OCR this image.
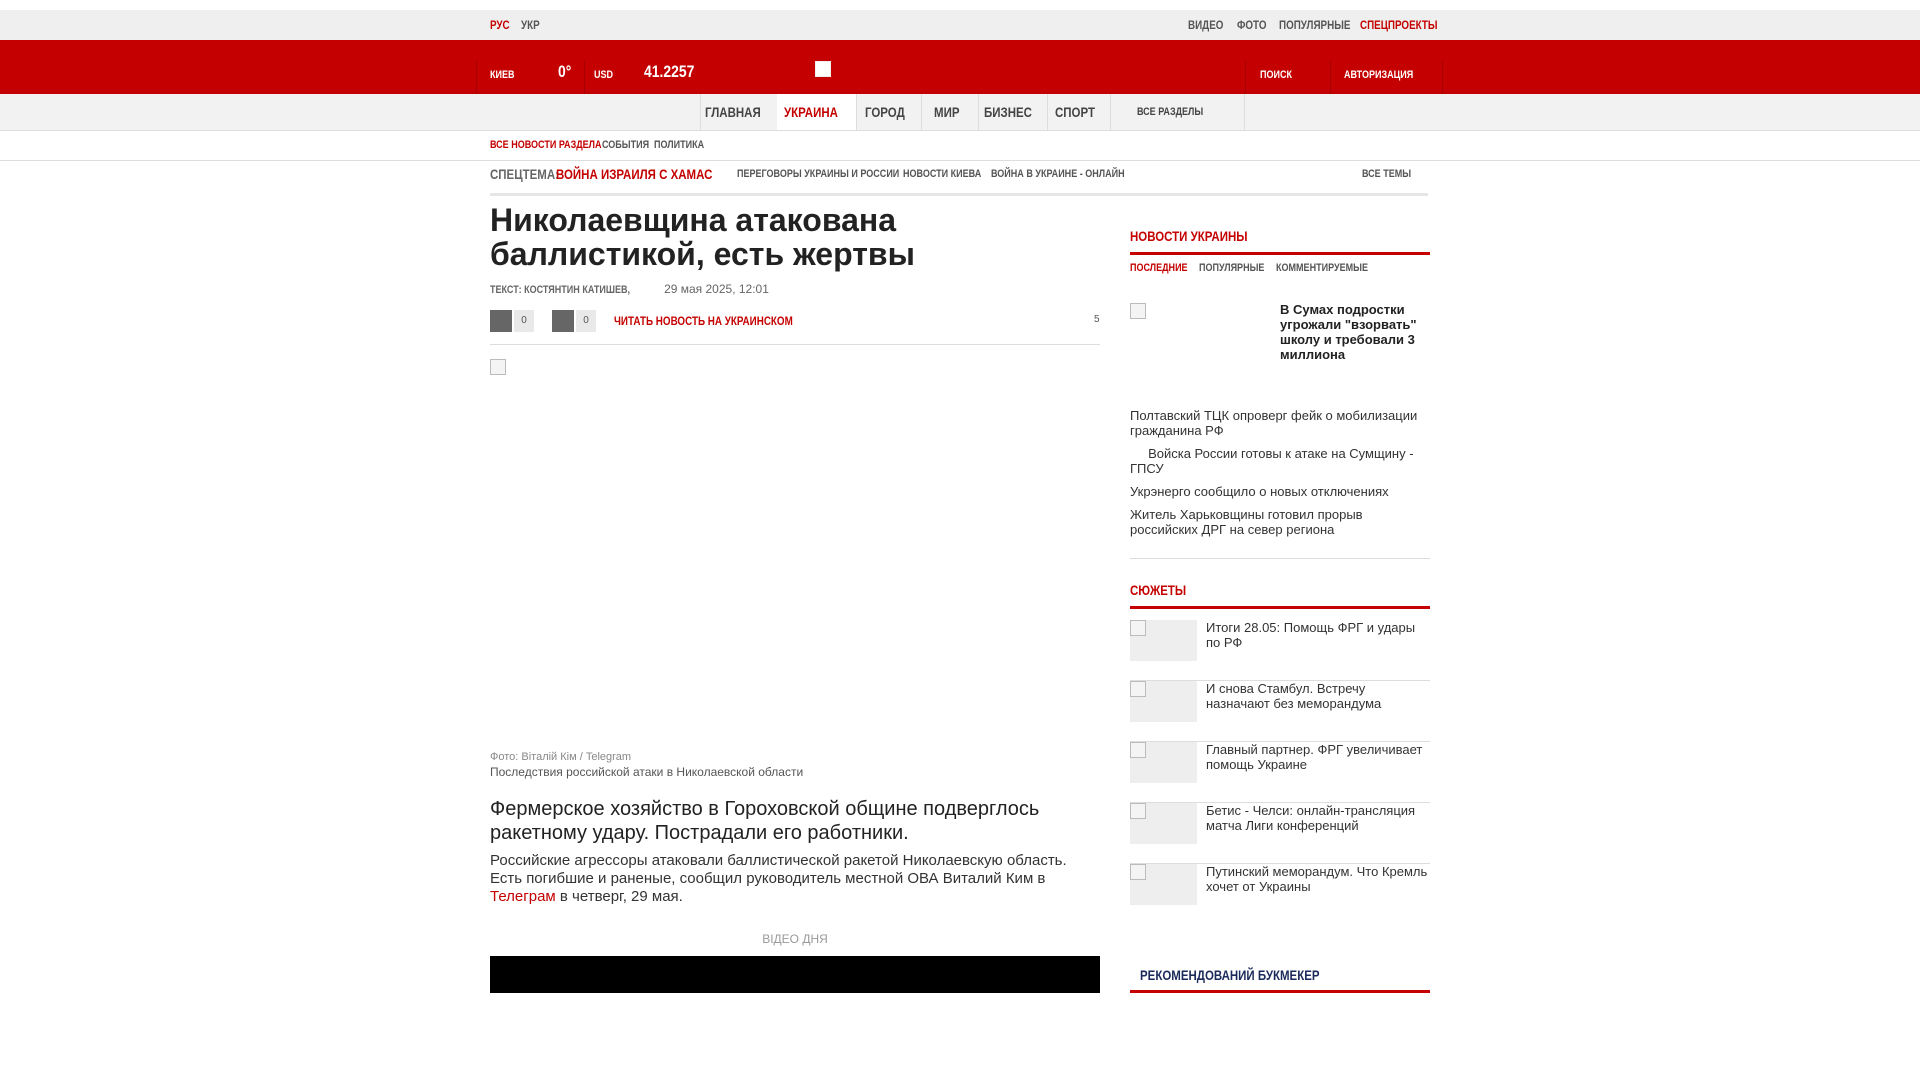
РУС УКР	ВИДЕО ФОТО ПОПУЛЯРНЫЕ СПЕЦПРОЕКТЫ
КИЕВ	0° USD 41.2257	ПОИСК	АВТОРИЗАЦИЯ
ГЛАВНАЯ	УКРАИНА	ГОРОД	МИР	БИЗНЕС	СПОРТ	ВСЕ РАЗДЕЛЫ
ВСЕ НОВОСТИ РАЗДЕЛА СОБЫТИЯ ПОЛИТИКА
СПЕЦТЕМА:
ВОЙНА ИЗРАИЛЯ С ХАМАС ПЕРЕГОВОРЫ УКРАИНЫ И РОССИИ НОВОСТИ КИЕВА ВОЙНА В УКРАИНЕ - ОНЛАЙН	ВСЕ ТЕМЫ
Николаевщина атакована баллистикой, есть жертвы
ТЕКСТ: КОСТЯНТИН КАТИШЕВ,	29 мая 2025, 12:01
0	0	ЧИТАТЬ НОВОСТЬ НА УКРАИНСКОМ	5
Фото: Віталій Кім / Telegram
Последствия российской атаки в Николаевской области

Фермерское хозяйство в Гороховской общине подверглось ракетному удару. Пострадали его работники.

Российские агрессоры атаковали баллистической ракетой Николаевскую область. Есть погибшие и раненые, сообщил руководитель местной ОВА Виталий Ким в
Телеграм в четверг, 29 мая.

ВІДЕО ДНЯ
НОВОСТИ УКРАИНЫ
ПОСЛЕДНИЕ ПОПУЛЯРНЫЕ КОММЕНТИРУЕМЫЕ
В Сумах подростки угрожали "взорвать" школу и требовали 3 миллиона
Полтавский ТЦК опроверг фейк о мобилизации гражданина РФ
Войска России готовы к атаке на Сумщину - ГПСУ
Укрэнерго сообщило о новых отключениях
Житель Харьковщины готовил прорыв российских ДРГ на север региона
СЮЖЕТЫ
Итоги 28.05: Помощь ФРГ и удары по РФ
И снова Стамбул. Встречу назначают без меморандума
Главный партнер. ФРГ увеличивает помощь Украине
Бетис - Челси: онлайн-трансляция матча Лиги конференций
Путинский меморандум. Что Кремль хочет от Украины
РЕКОМЕНДОВАНИЙ БУКМЕКЕР
